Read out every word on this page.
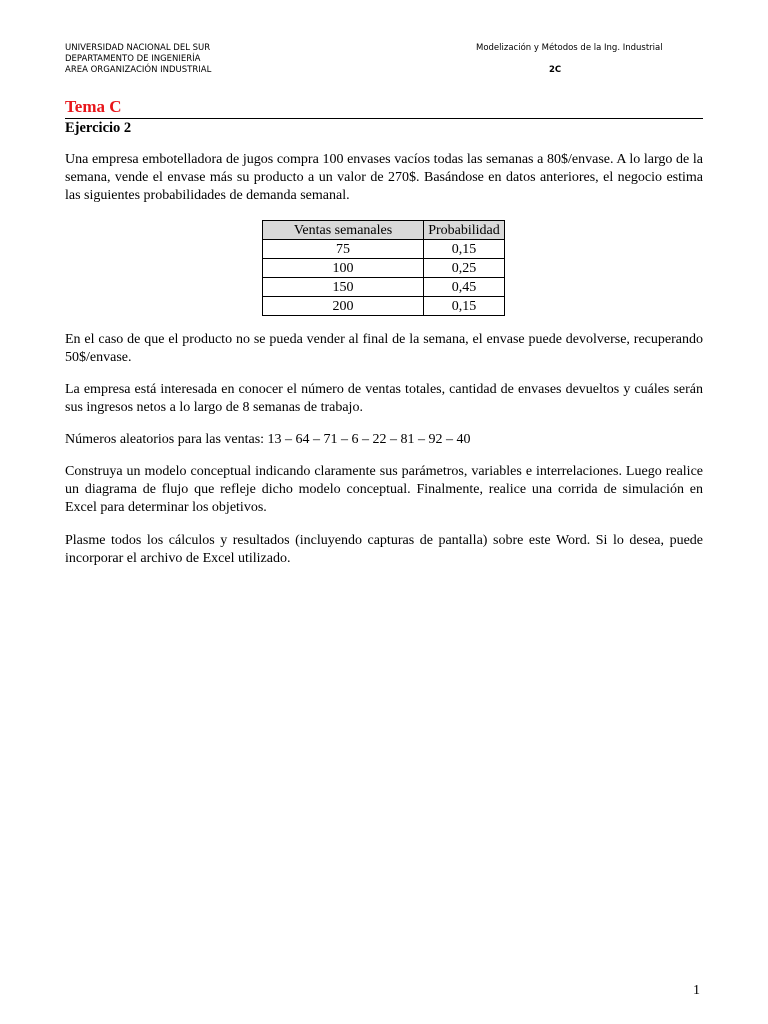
UNIVERSIDAD NACIONAL DEL SUR
DEPARTAMENTO DE INGENIERÍA
AREA ORGANIZACIÓN INDUSTRIAL
Modelización y Métodos de la Ing. Industrial
2C
Tema C
Ejercicio 2
Una empresa embotelladora de jugos compra 100 envases vacíos todas las semanas a 80$/envase. A lo largo de la semana, vende el envase más su producto a un valor de 270$. Basándose en datos anteriores, el negocio estima las siguientes probabilidades de demanda semanal.
Ventas semanales	Probabilidad
75	0,15
100	0,25
150	0,45
200	0,15
En el caso de que el producto no se pueda vender al final de la semana, el envase puede devolverse, recuperando 50$/envase.
La empresa está interesada en conocer el número de ventas totales, cantidad de envases devueltos y cuáles serán sus ingresos netos a lo largo de 8 semanas de trabajo.
Números aleatorios para las ventas: 13 – 64 – 71 – 6 – 22 – 81 – 92 – 40
Construya un modelo conceptual indicando claramente sus parámetros, variables e interrelaciones. Luego realice un diagrama de flujo que refleje dicho modelo conceptual. Finalmente, realice una corrida de simulación en Excel para determinar los objetivos.
Plasme todos los cálculos y resultados (incluyendo capturas de pantalla) sobre este Word. Si lo desea, puede incorporar el archivo de Excel utilizado.
1
